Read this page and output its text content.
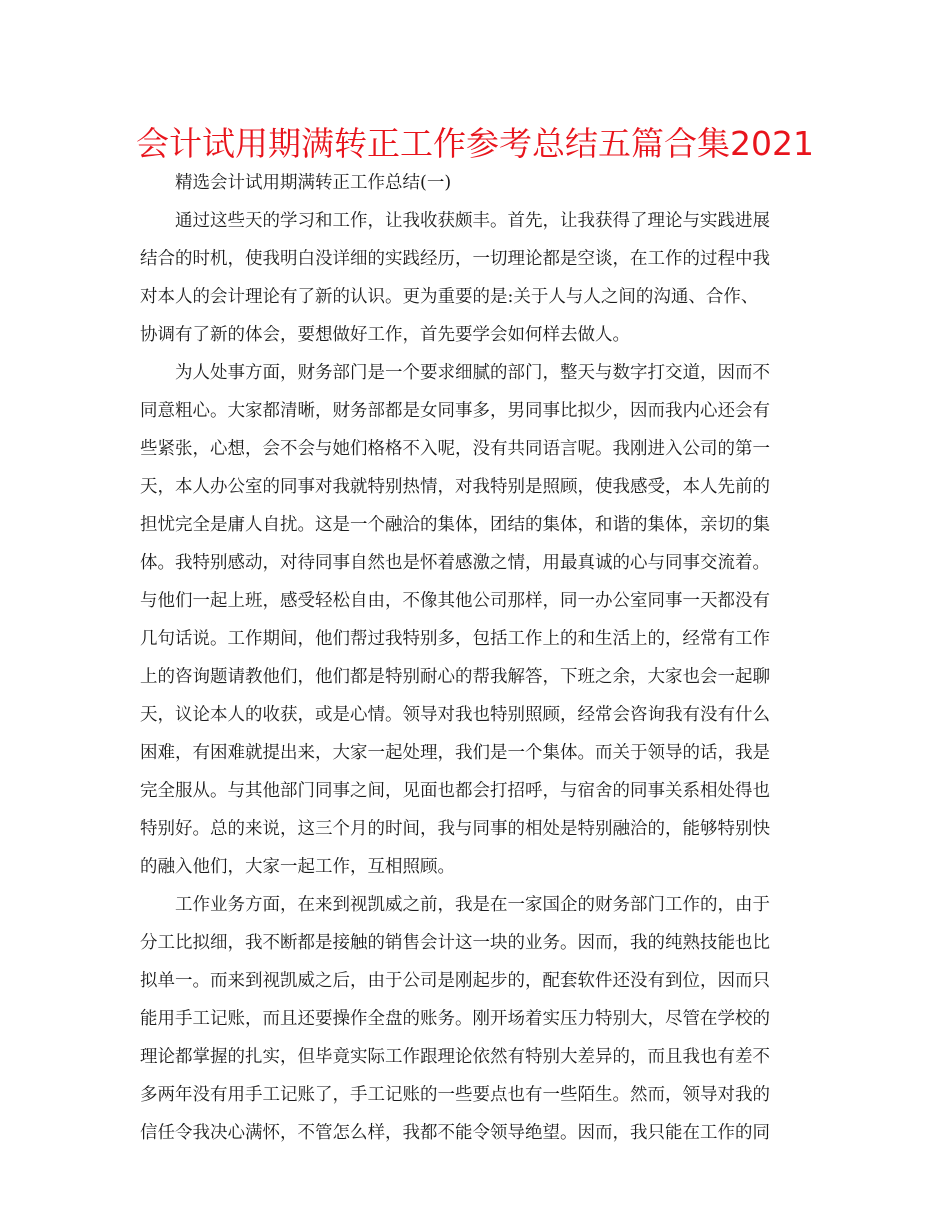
会计试用期满转正工作参考总结五篇合集2021

精选会计试用期满转正工作总结(一)

通过这些天的学习和工作，让我收获颇丰。首先，让我获得了理论与实践进展
结合的时机，使我明白没详细的实践经历，一切理论都是空谈，在工作的过程中我
对本人的会计理论有了新的认识。更为重要的是:关于人与人之间的沟通、合作、
协调有了新的体会，要想做好工作，首先要学会如何样去做人。

为人处事方面，财务部门是一个要求细腻的部门，整天与数字打交道，因而不
同意粗心。大家都清晰，财务部都是女同事多，男同事比拟少，因而我内心还会有
些紧张，心想，会不会与她们格格不入呢，没有共同语言呢。我刚进入公司的第一
天，本人办公室的同事对我就特别热情，对我特别是照顾，使我感受，本人先前的
担忧完全是庸人自扰。这是一个融洽的集体，团结的集体，和谐的集体，亲切的集
体。我特别感动，对待同事自然也是怀着感激之情，用最真诚的心与同事交流着。
与他们一起上班，感受轻松自由，不像其他公司那样，同一办公室同事一天都没有
几句话说。工作期间，他们帮过我特别多，包括工作上的和生活上的，经常有工作
上的咨询题请教他们，他们都是特别耐心的帮我解答，下班之余，大家也会一起聊
天，议论本人的收获，或是心情。领导对我也特别照顾，经常会咨询我有没有什么
困难，有困难就提出来，大家一起处理，我们是一个集体。而关于领导的话，我是
完全服从。与其他部门同事之间，见面也都会打招呼，与宿舍的同事关系相处得也
特别好。总的来说，这三个月的时间，我与同事的相处是特别融洽的，能够特别快
的融入他们，大家一起工作，互相照顾。

工作业务方面，在来到视凯威之前，我是在一家国企的财务部门工作的，由于
分工比拟细，我不断都是接触的销售会计这一块的业务。因而，我的纯熟技能也比
拟单一。而来到视凯威之后，由于公司是刚起步的，配套软件还没有到位，因而只
能用手工记账，而且还要操作全盘的账务。刚开场着实压力特别大，尽管在学校的
理论都掌握的扎实，但毕竟实际工作跟理论依然有特别大差异的，而且我也有差不
多两年没有用手工记账了，手工记账的一些要点也有一些陌生。然而，领导对我的
信任令我决心满怀，不管怎么样，我都不能令领导绝望。因而，我只能在工作的同
